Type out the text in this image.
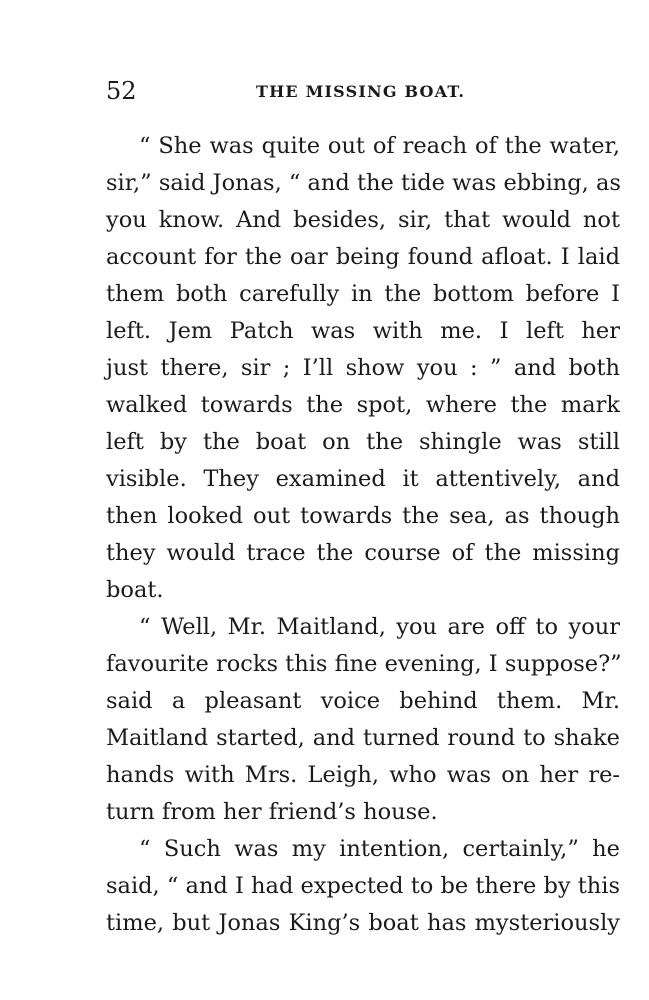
52	THE MISSING BOAT.
“ She was quite out of reach of the water,
sir,” said Jonas, “ and the tide was ebbing, as
you know. And besides, sir, that would not
account for the oar being found afloat. I laid
them both carefully in the bottom before I
left. Jem Patch was with me. I left her
just there, sir ; I’ll show you : ” and both
walked towards the spot, where the mark
left by the boat on the shingle was still
visible. They examined it attentively, and
then looked out towards the sea, as though
they would trace the course of the missing
boat.
“ Well, Mr. Maitland, you are off to your
favourite rocks this fine evening, I suppose?”
said a pleasant voice behind them. Mr.
Maitland started, and turned round to shake
hands with Mrs. Leigh, who was on her re-
turn from her friend’s house.
“ Such was my intention, certainly,” he
said, “ and I had expected to be there by this
time, but Jonas King’s boat has mysteriously
